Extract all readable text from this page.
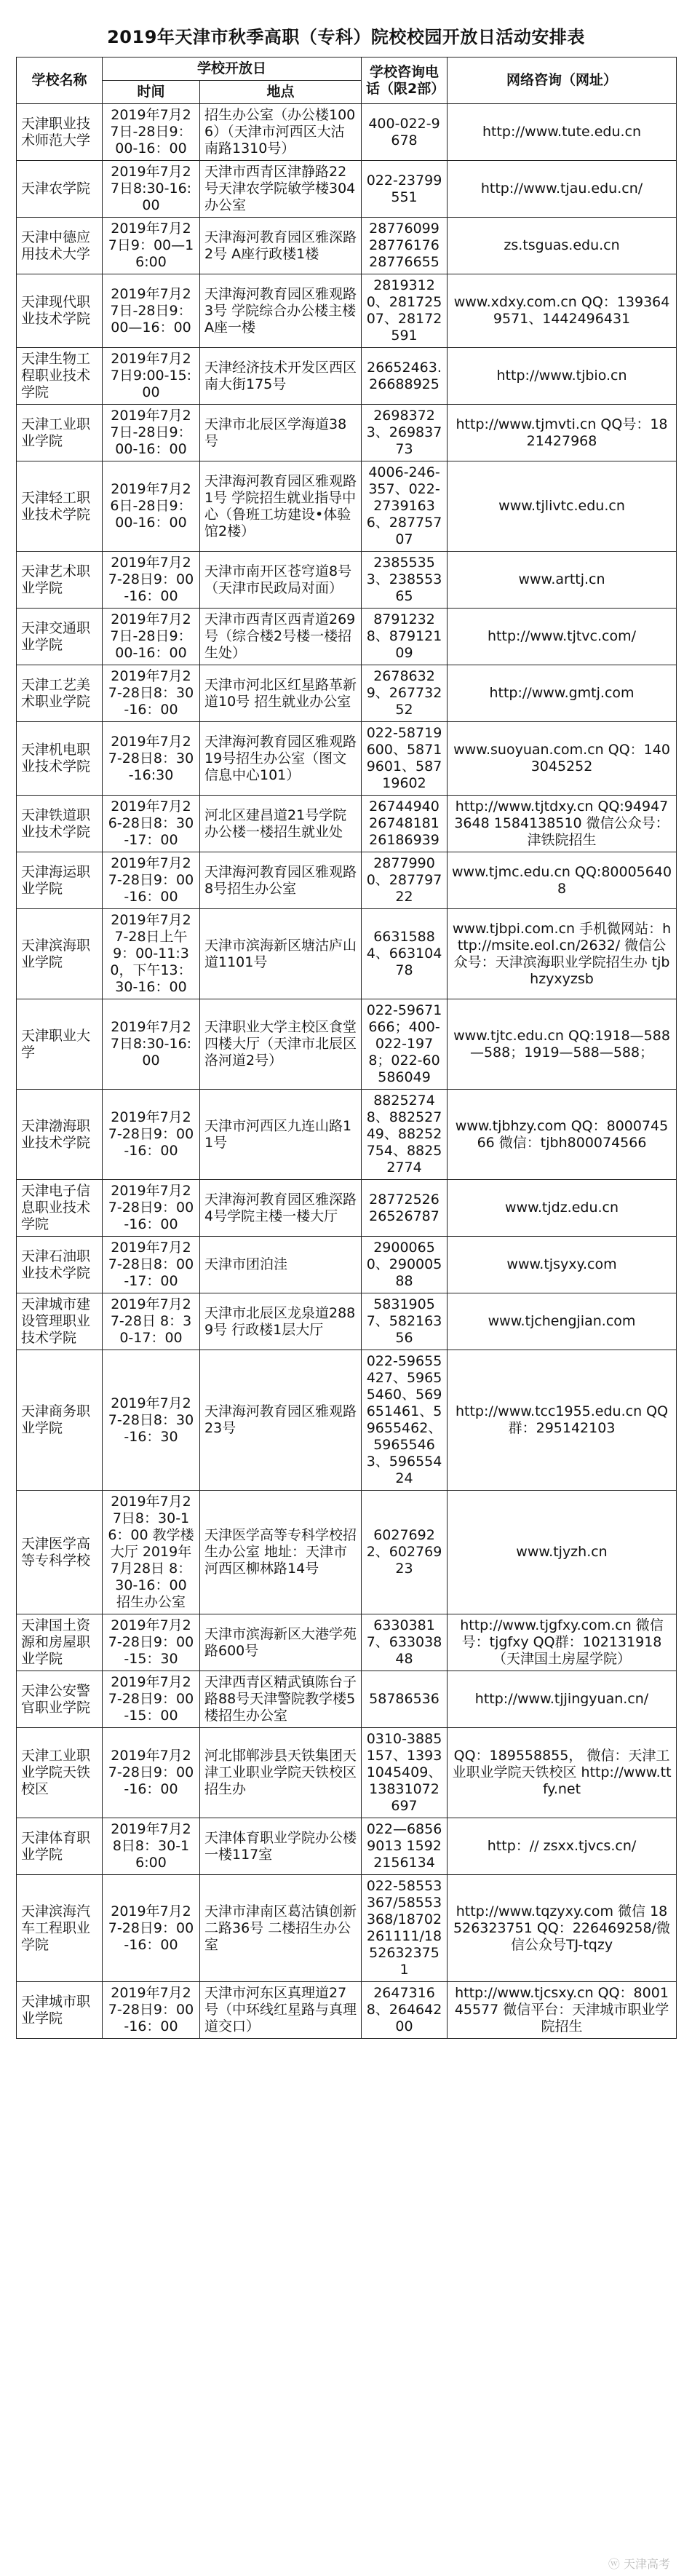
2019年天津市秋季高职（专科）院校校园开放日活动安排表
学校名称	学校开放日		学校咨询电话（限2部）	网络咨询（网址）
	时间	地点		
天津职业技术师范大学	2019年7月27日-28日9：00-16：00	招生办公室（办公楼1006）（天津市河西区大沽南路1310号）	400-022-9678	http://www.tute.edu.cn
天津农学院	2019年7月27日8:30-16:00	天津市西青区津静路22号天津农学院敏学楼304办公室	022-23799551	http://www.tjau.edu.cn/
天津中德应用技术大学	2019年7月27日9：00—16:00	天津海河教育园区雅深路2号 A座行政楼1楼	28776099 28776176 28776655	zs.tsguas.edu.cn
天津现代职业技术学院	2019年7月27日-28日9：00—16：00	天津海河教育园区雅观路3号 学院综合办公楼主楼A座一楼	28193120、28172507、28172591	www.xdxy.com.cn QQ：1393649571、1442496431
天津生物工程职业技术学院	2019年7月27日9:00-15:00	天津经济技术开发区西区 南大街175号	26652463.26688925	http://www.tjbio.cn
天津工业职业学院	2019年7月27日-28日9：00-16：00	天津市北辰区学海道38号	26983723、26983773	http://www.tjmvti.cn QQ号：1821427968
天津轻工职业技术学院	2019年7月26日-28日9：00-16：00	天津海河教育园区雅观路1号 学院招生就业指导中心（鲁班工坊建设•体验馆2楼）	4006-246-357、022-27391636、28775707	www.tjlivtc.edu.cn
天津艺术职业学院	2019年7月27-28日9：00-16：00	天津市南开区苍穹道8号（天津市民政局对面）	23855353、23855365	www.arttj.cn
天津交通职业学院	2019年7月27日-28日9：00-16：00	天津市西青区西青道269号（综合楼2号楼一楼招生处）	87912328、87912109	http://www.tjtvc.com/
天津工艺美术职业学院	2019年7月27-28日8：30-16：00	天津市河北区红星路革新道10号 招生就业办公室	26786329、26773252	http://www.gmtj.com
天津机电职业技术学院	2019年7月27-28日8：30-16:30	天津海河教育园区雅观路19号招生办公室（图文信息中心101）	022-58719600、58719601、58719602	www.suoyuan.com.cn QQ：1403045252
天津铁道职业技术学院	2019年7月26-28日8：30-17：00	河北区建昌道21号学院办公楼一楼招生就业处	26744940 26748181 26186939	http://www.tjtdxy.cn QQ:949473648 1584138510 微信公众号：津铁院招生
天津海运职业学院	2019年7月27-28日9：00-16：00	天津海河教育园区雅观路8号招生办公室	28779900、28779722	www.tjmc.edu.cn QQ:800056408
天津滨海职业学院	2019年7月27-28日上午9：00-11:30，下午13：30-16：00	天津市滨海新区塘沽庐山道1101号	66315884、66310478	www.tjbpi.com.cn 手机微网站：http://msite.eol.cn/2632/ 微信公众号：天津滨海职业学院招生办 tjbhzyxyzsb
天津职业大学	2019年7月27日8:30-16:00	天津职业大学主校区食堂四楼大厅（天津市北辰区洛河道2号）	022-59671666；400-022-1978；022-60586049	www.tjtc.edu.cn QQ:1918—588—588；1919—588—588；
天津渤海职业技术学院	2019年7月27-28日9：00-16：00	天津市河西区九连山路11号	88252748、88252749、88252754、88252774	www.tjbhzy.com QQ：800074566 微信：tjbh800074566
天津电子信息职业技术学院	2019年7月27-28日9：00-16：00	天津海河教育园区雅深路4号学院主楼一楼大厅	28772526 26526787	www.tjdz.edu.cn
天津石油职业技术学院	2019年7月27-28日8：00-17：00	天津市团泊洼	29000650、29000588	www.tjsyxy.com
天津城市建设管理职业技术学院	2019年7月27-28日 8：30-17：00	天津市北辰区龙泉道2889号 行政楼1层大厅	58319057、58216356	www.tjchengjian.com
天津商务职业学院	2019年7月27-28日8：30-16：30	天津海河教育园区雅观路23号	022-59655427、59655460、569651461、59655462、59655463、59655424	http://www.tcc1955.edu.cn QQ群：295142103
天津医学高等专科学校	2019年7月27日8：30-16：00 教学楼大厅 2019年7月28日 8：30-16：00 招生办公室	天津医学高等专科学校招生办公室 地址：天津市河西区柳林路14号	60276922、60276923	www.tjyzh.cn
天津国土资源和房屋职业学院	2019年7月27-28日9：00-15：30	天津市滨海新区大港学苑路600号	63303817、63303848	http://www.tjgfxy.com.cn 微信号：tjgfxy QQ群：102131918（天津国土房屋学院）
天津公安警官职业学院	2019年7月27-28日9：00-15：00	天津西青区精武镇陈台子路88号天津警院教学楼5楼招生办公室	58786536	http://www.tjjingyuan.cn/
天津工业职业学院天铁校区	2019年7月27-28日9：00-16：00	河北邯郸涉县天铁集团天津工业职业学院天铁校区招生办	0310-3885157、13931045409、13831072697	QQ：189558855， 微信：天津工业职业学院天铁校区 http://www.ttfy.net
天津体育职业学院	2019年7月28日8：30-16:00	天津体育职业学院办公楼一楼117室	022—68569013 15922156134	http：// zsxx.tjvcs.cn/
天津滨海汽车工程职业学院	2019年7月27-28日9：00-16：00	天津市津南区葛沽镇创新二路36号 二楼招生办公室	022-58553367/58553368/18702261111/18526323751	http://www.tqzyxy.com 微信 18526323751 QQ：226469258/微信公众号TJ-tqzy
天津城市职业学院	2019年7月27-28日9：00-16：00	天津市河东区真理道27号（中环线红星路与真理道交口）	26473168、26464200	http://www.tjcsxy.cn QQ：800145577 微信平台：天津城市职业学院招生
ⓦ 天津高考
